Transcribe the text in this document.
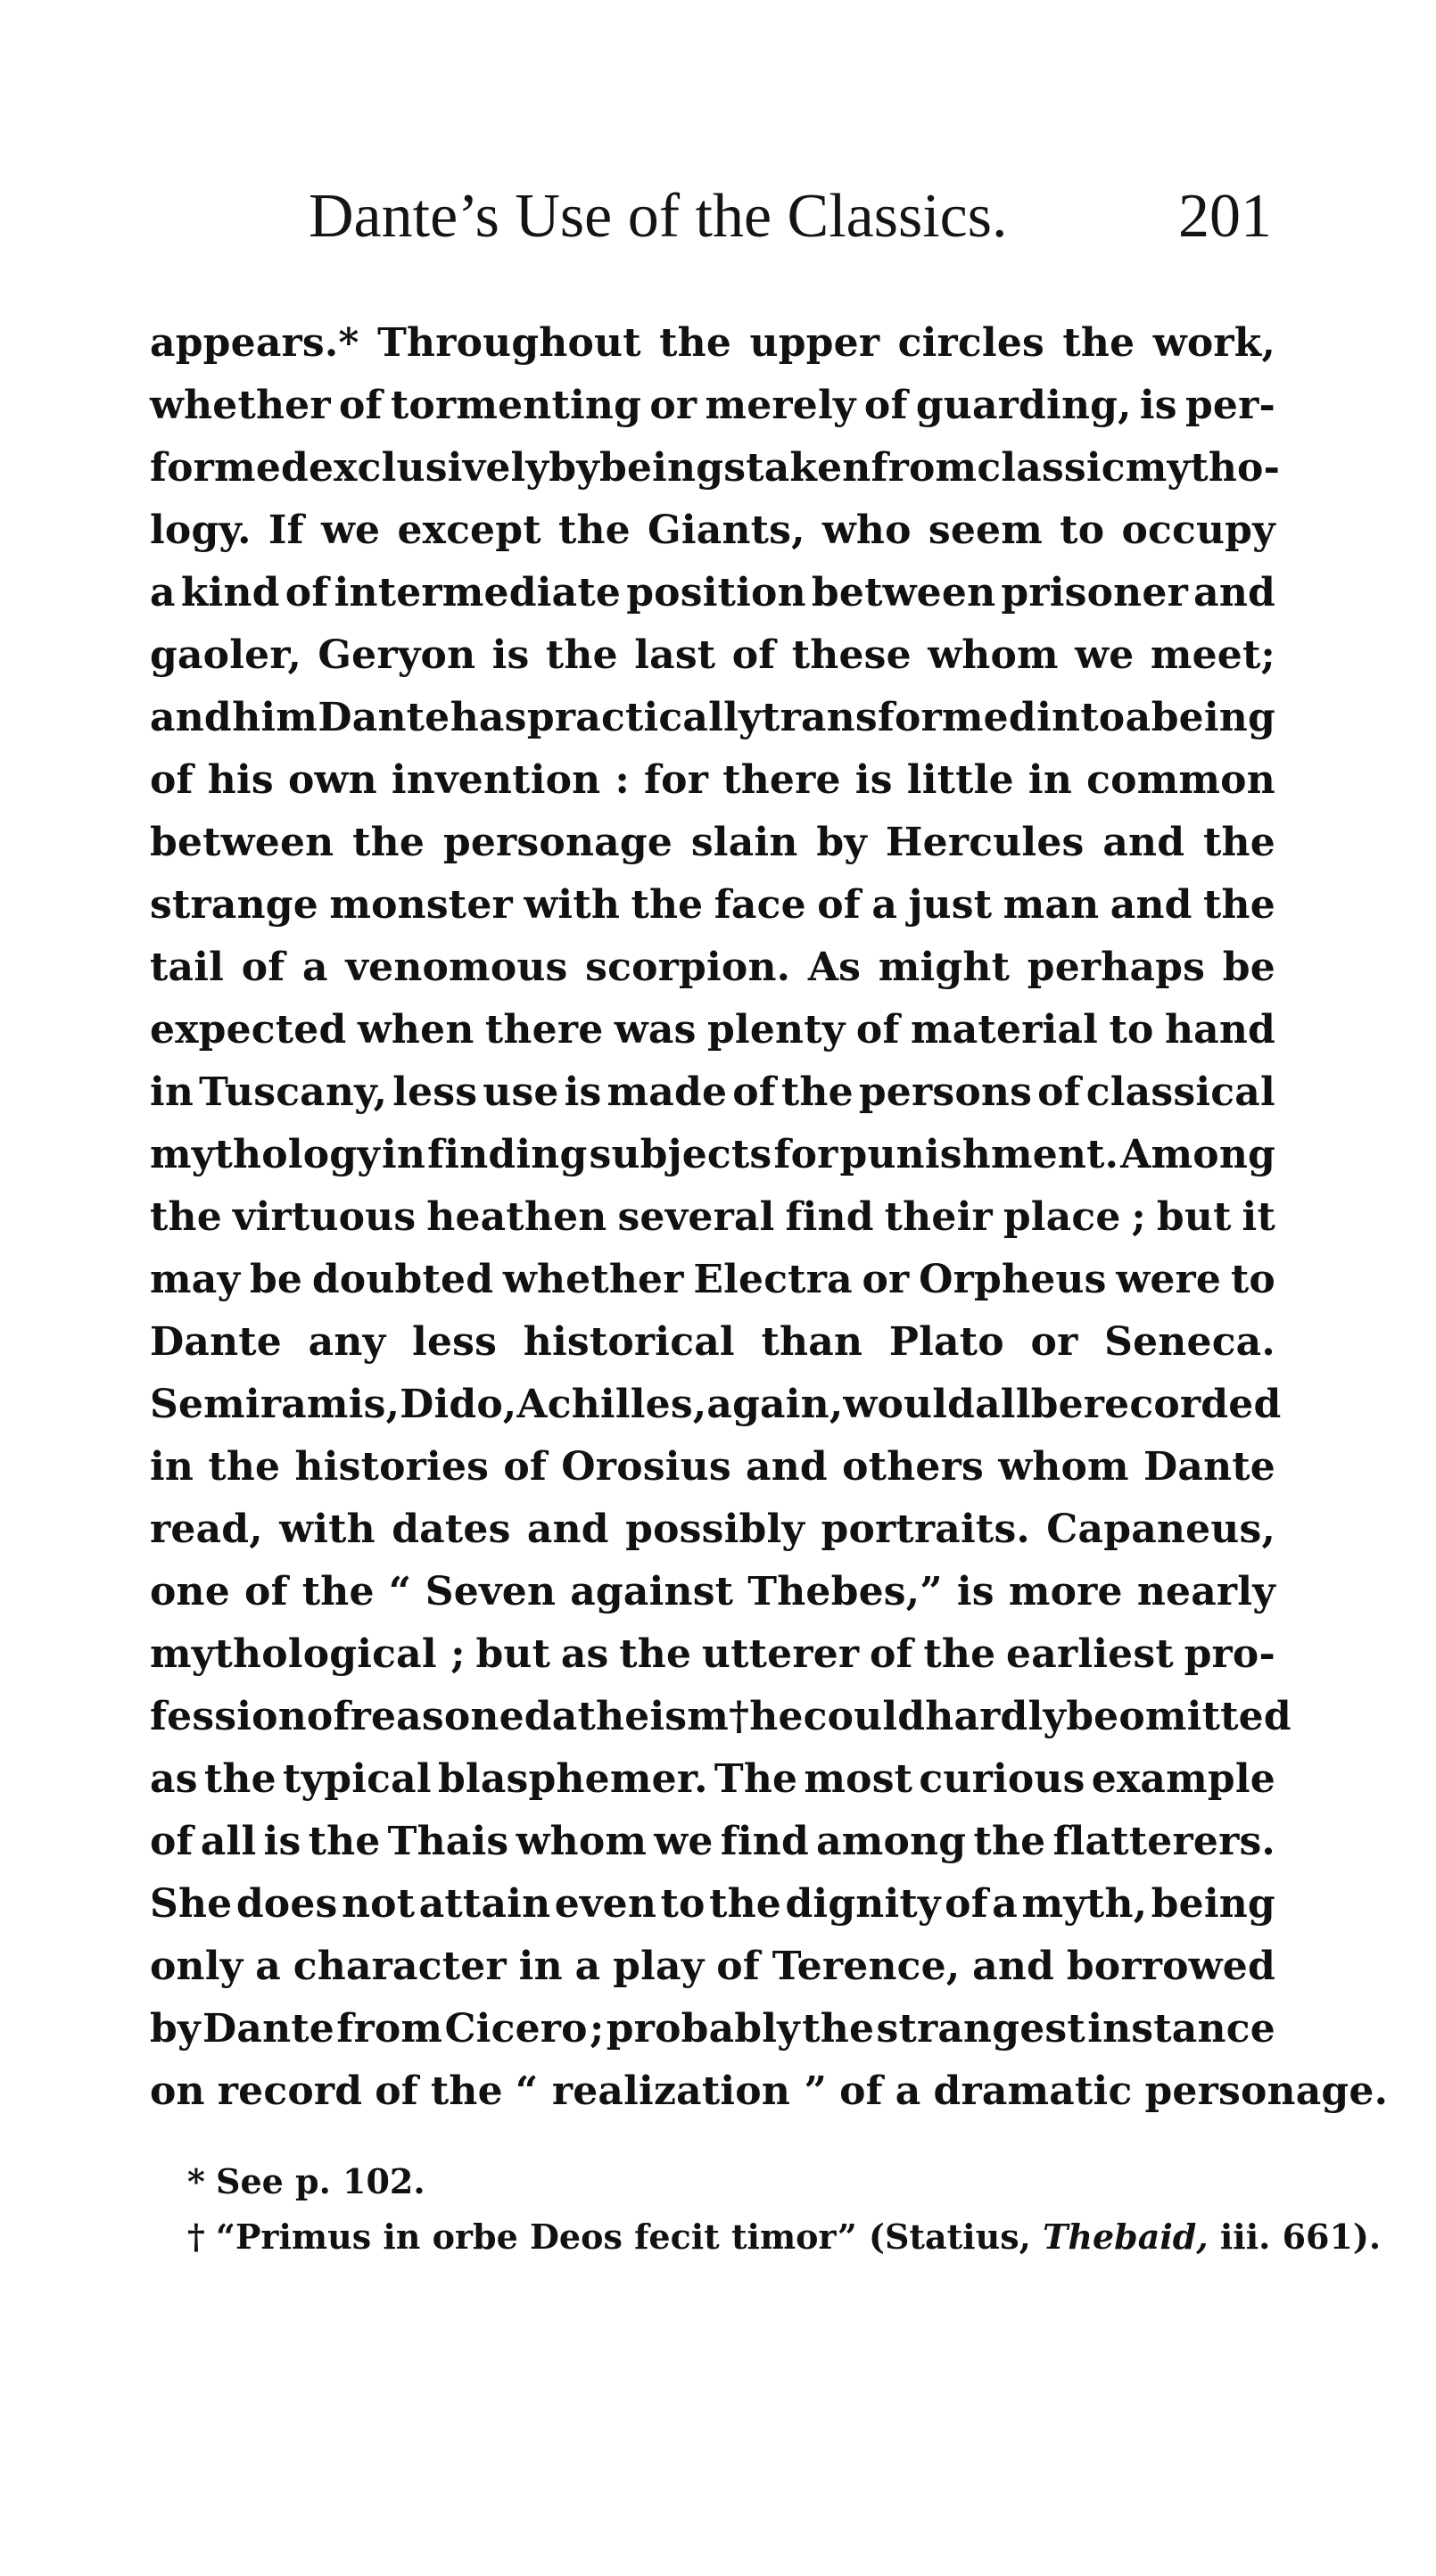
Dante’s Use of the Classics.	201
appears.* Throughout the upper circles the work,
whether of tormenting or merely of guarding, is per-
formed exclusively by beings taken from classic mytho-
logy. If we except the Giants, who seem to occupy
a kind of intermediate position between prisoner and
gaoler, Geryon is the last of these whom we meet;
and him Dante has practically transformed into a being
of his own invention : for there is little in common
between the personage slain by Hercules and the
strange monster with the face of a just man and the
tail of a venomous scorpion. As might perhaps be
expected when there was plenty of material to hand
in Tuscany, less use is made of the persons of classical
mythology in finding subjects for punishment. Among
the virtuous heathen several find their place ; but it
may be doubted whether Electra or Orpheus were to
Dante any less historical than Plato or Seneca.
Semiramis, Dido, Achilles, again, would all be recorded
in the histories of Orosius and others whom Dante
read, with dates and possibly portraits. Capaneus,
one of the “ Seven against Thebes,” is more nearly
mythological ; but as the utterer of the earliest pro-
fession of reasoned atheism † he could hardly be omitted
as the typical blasphemer. The most curious example
of all is the Thais whom we find among the flatterers.
She does not attain even to the dignity of a myth, being
only a character in a play of Terence, and borrowed
by Dante from Cicero ; probably the strangest instance
on record of the “ realization ” of a dramatic personage.
* See p. 102.
† “Primus in orbe Deos fecit timor” (Statius, Thebaid, iii. 661).
